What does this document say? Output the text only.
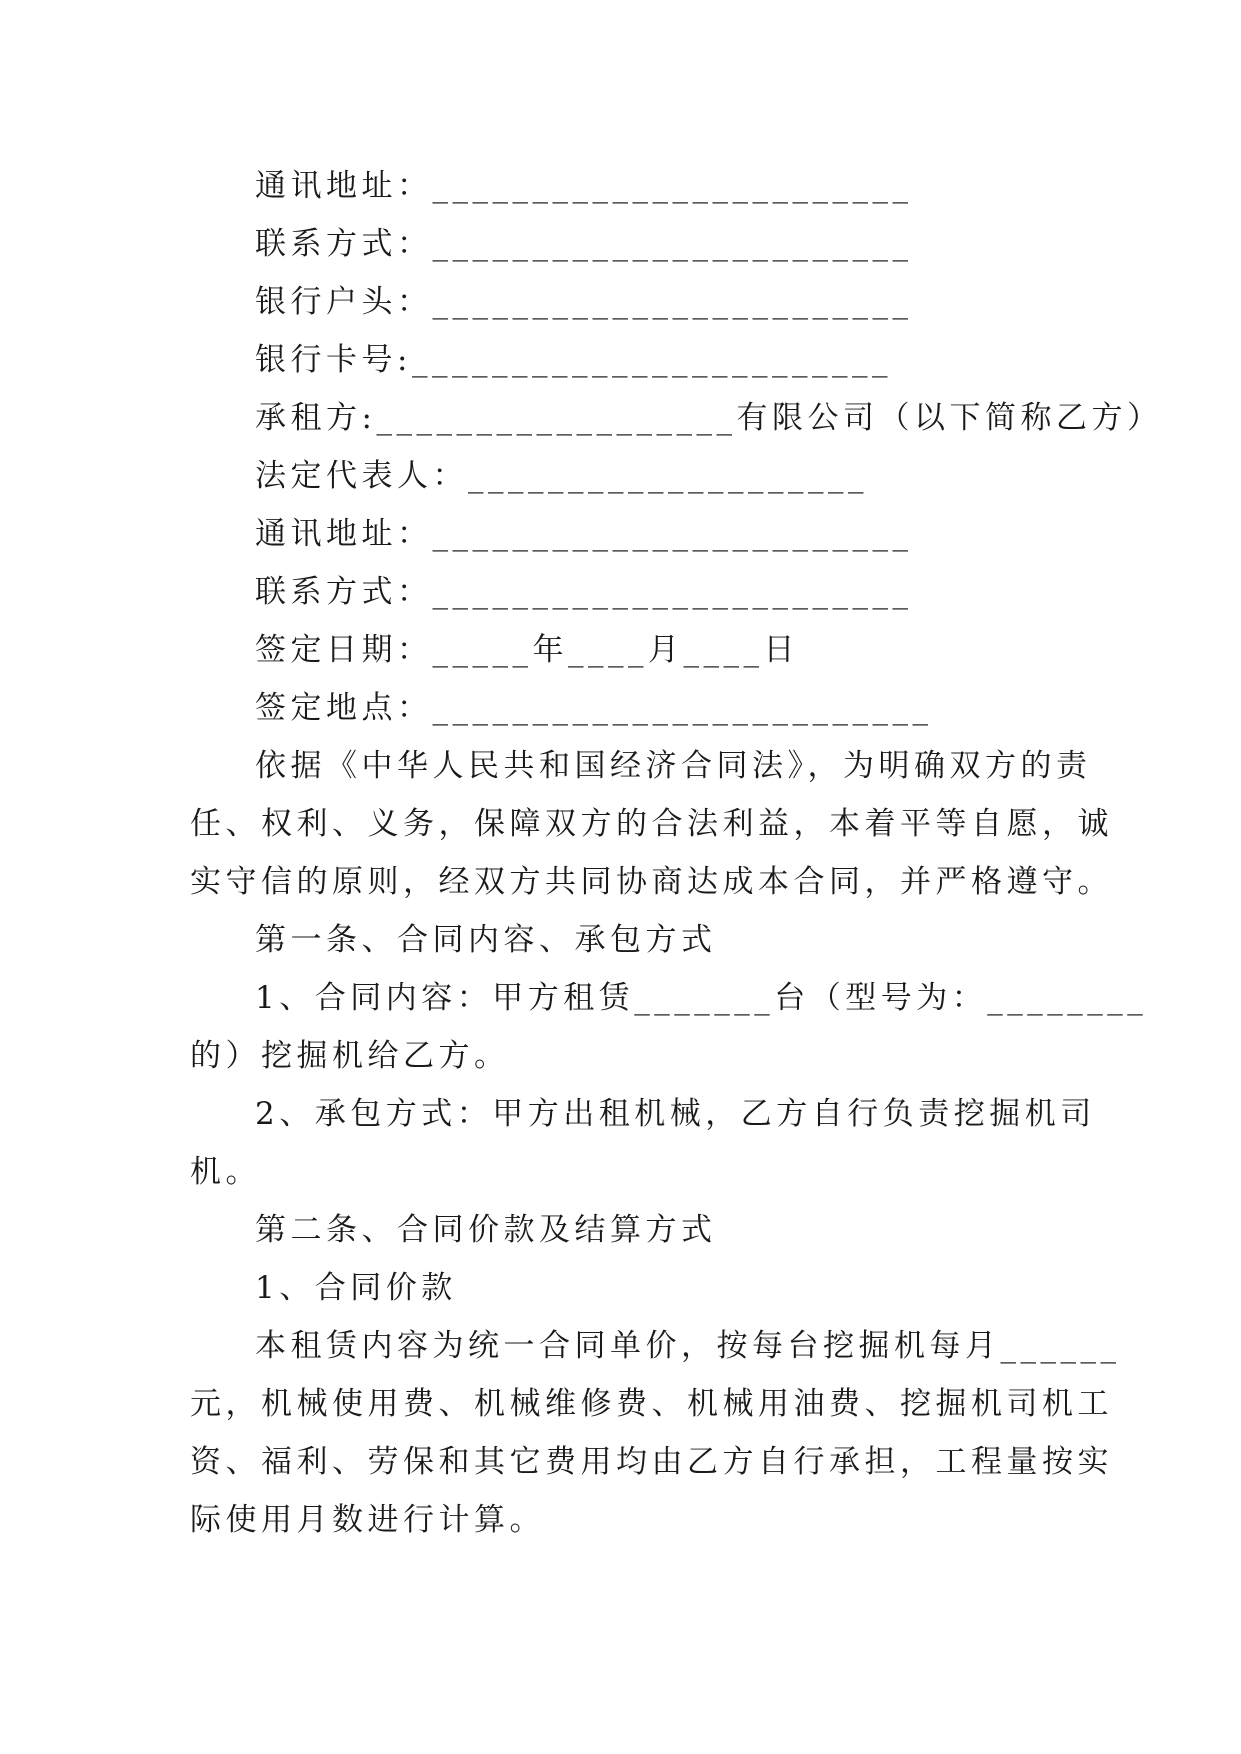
通讯地址：________________________
联系方式：________________________
银行户头：________________________
银行卡号:________________________
承租方:__________________有限公司（以下简称乙方）
法定代表人：____________________
通讯地址：________________________
联系方式：________________________
签定日期：_____年____月____日
签定地点：_________________________
依据《中华人民共和国经济合同法》，为明确双方的责
任、权利、义务，保障双方的合法利益，本着平等自愿，诚
实守信的原则，经双方共同协商达成本合同，并严格遵守。
第一条、合同内容、承包方式
1、合同内容：甲方租赁_______台（型号为：________
的）挖掘机给乙方。
2、承包方式：甲方出租机械，乙方自行负责挖掘机司
机。
第二条、合同价款及结算方式
1、合同价款
本租赁内容为统一合同单价，按每台挖掘机每月______
元，机械使用费、机械维修费、机械用油费、挖掘机司机工
资、福利、劳保和其它费用均由乙方自行承担，工程量按实
际使用月数进行计算。
